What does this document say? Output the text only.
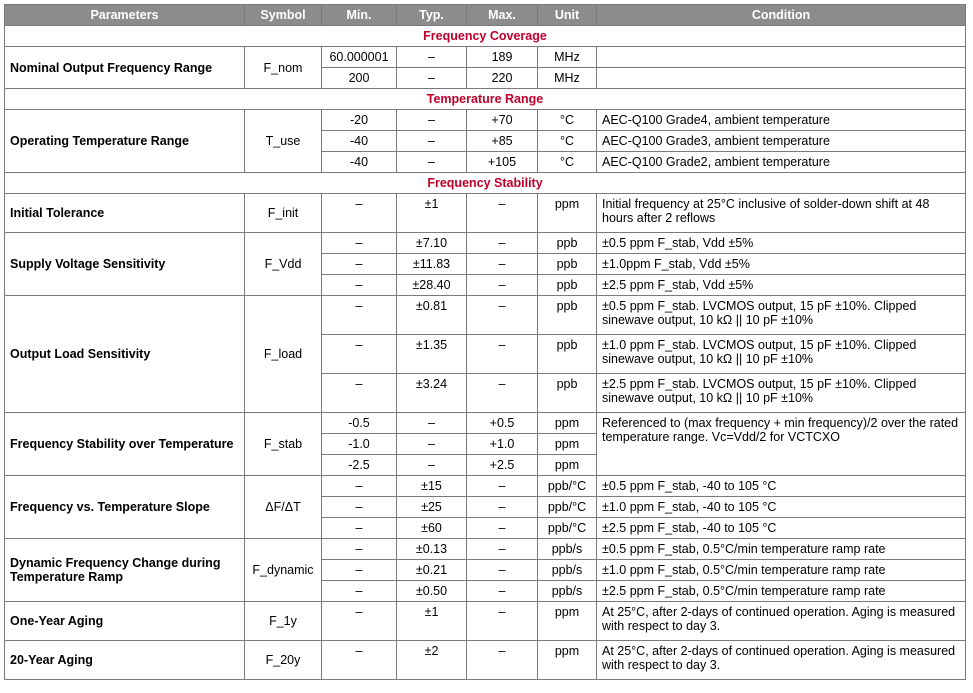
Parameters	Symbol	Min.	Typ.	Max.	Unit	Condition
Frequency Coverage						
Nominal Output Frequency Range	F_nom	60.000001	–	189	MHz	
		200	–	220	MHz	
Temperature Range						
Operating Temperature Range	T_use	-20	–	+70	°C	AEC-Q100 Grade4, ambient temperature
		-40	–	+85	°C	AEC-Q100 Grade3, ambient temperature
		-40	–	+105	°C	AEC-Q100 Grade2, ambient temperature
Frequency Stability						
Initial Tolerance	F_init	–	±1	–	ppm	Initial frequency at 25°C inclusive of solder-down shift at 48 hours after 2 reflows
Supply Voltage Sensitivity	F_Vdd	–	±7.10	–	ppb	±0.5 ppm F_stab, Vdd ±5%
		–	±11.83	–	ppb	±1.0ppm F_stab, Vdd ±5%
		–	±28.40	–	ppb	±2.5 ppm F_stab, Vdd ±5%
Output Load Sensitivity	F_load	–	±0.81	–	ppb	±0.5 ppm F_stab. LVCMOS output, 15 pF ±10%. Clipped sinewave output, 10 kΩ || 10 pF ±10%
		–	±1.35	–	ppb	±1.0 ppm F_stab. LVCMOS output, 15 pF ±10%. Clipped sinewave output, 10 kΩ || 10 pF ±10%
		–	±3.24	–	ppb	±2.5 ppm F_stab. LVCMOS output, 15 pF ±10%. Clipped sinewave output, 10 kΩ || 10 pF ±10%
Frequency Stability over Temperature	F_stab	-0.5	–	+0.5	ppm	Referenced to (max frequency + min frequency)/2 over the rated temperature range. Vc=Vdd/2 for VCTCXO
		-1.0	–	+1.0	ppm	
		-2.5	–	+2.5	ppm	
Frequency vs. Temperature Slope	ΔF/ΔT	–	±15	–	ppb/°C	±0.5 ppm F_stab, -40 to 105 °C
		–	±25	–	ppb/°C	±1.0 ppm F_stab, -40 to 105 °C
		–	±60	–	ppb/°C	±2.5 ppm F_stab, -40 to 105 °C
Dynamic Frequency Change during Temperature Ramp	F_dynamic	–	±0.13	–	ppb/s	±0.5 ppm F_stab, 0.5°C/min temperature ramp rate
		–	±0.21	–	ppb/s	±1.0 ppm F_stab, 0.5°C/min temperature ramp rate
		–	±0.50	–	ppb/s	±2.5 ppm F_stab, 0.5°C/min temperature ramp rate
One-Year Aging	F_1y	–	±1	–	ppm	At 25°C, after 2-days of continued operation. Aging is measured with respect to day 3.
20-Year Aging	F_20y	–	±2	–	ppm	At 25°C, after 2-days of continued operation. Aging is measured with respect to day 3.
